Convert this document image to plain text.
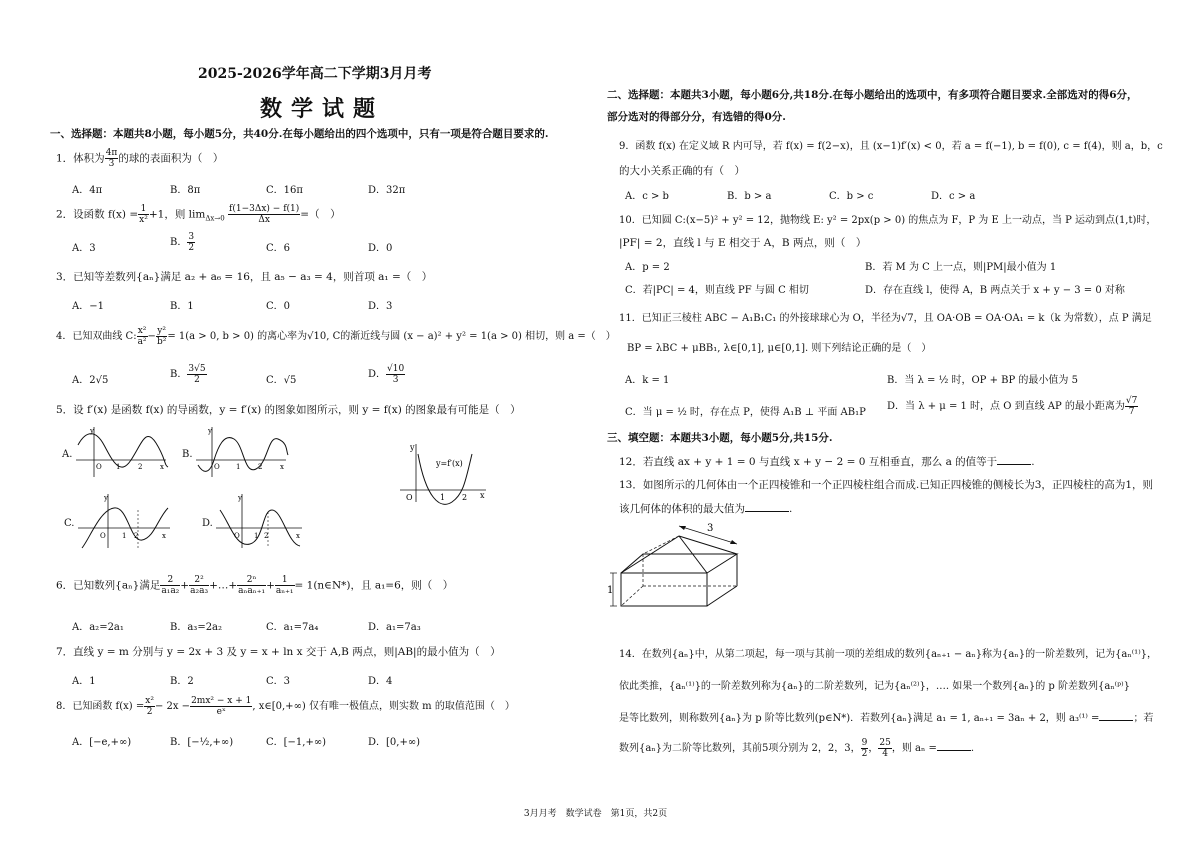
2025-2026学年高二下学期3月月考
数学试题
一、选择题：本题共8小题，每小题5分，共40分.在每小题给出的四个选项中，只有一项是符合题目要求的.
1．体积为 $\frac{4\pi}{3}$ 的球的表面积为（　）
A．4π	B．8π	C．16π	D．32π
2．设函数 $f(x) = \frac{1}{\text{x²}} +1$，则 $\lim_{\Delta x\to 0} \frac{f(1-3\Delta x) - f(1)}{\Delta x}$ =（　）
A．3
B． $\frac{3}{2}$	C．6	D．0
3．已知等差数列{aₙ}满足 a₂ + a₆ = 16，且 a₅ − a₃ = 4，则首项 a₁ =（　）
A．−1	B．1	C．0	D．3
4．已知双曲线 C: $\frac{\text{x²}}{\text{a²}} - \frac{\text{y²}}{\text{b²}} = 1(a > 0$, b > 0) 的离心率为√10, C的渐近线与圆 (x − a)² + y² = 1(a > 0) 相切，则 a =（　）
A．2√5
B． $\frac{3√5}{2}$	C．√5
D． $\frac{√10}{3}$
5．设 f′(x) 是函数 f(x) 的导函数，y = f′(x) 的图象如图所示，则 y = f(x) 的图象最有可能是（　）
A.
y
O 1	2	x
B.
y
O 1	2	x
y
y=f′(x)
O	1 2 x
C.
y
O 1 2	x
D.
y
O 1 2	x
6．已知数列{aₙ}满足 $\frac{2}{\text{a₁a₂}} + \frac{\text{2²}}{\text{a₂a₃}}$ +…+ $\frac{\text{2ⁿ}}{\text{aₙaₙ₊₁}} + \frac{1}{\text{aₙ₊₁}}$ = 1(n∈N*)，且 a₁=6，则（　）
A．a₂=2a₁	B．a₃=2a₂	C．a₁=7a₄	D．a₁=7a₃
7．直线 y = m 分别与 y = 2x + 3 及 y = x + ln x 交于 A,B 两点，则|AB|的最小值为（　）
A．1	B．2	C．3	D．4
8．已知函数 $f(x) = \frac{\text{x²}}{2} - 2x - \frac{\text{2mx² − x + 1}}{\text{eˣ}}$ , x∈[0,+∞) 仅有唯一极值点，则实数 m 的取值范围（　）
A．[−e,+∞)	B．[−½,+∞)	C．[−1,+∞)	D．[0,+∞)
二、选择题：本题共3小题，每小题6分,共18分.在每小题给出的选项中，有多项符合题目要求.全部选对的得6分，
部分选对的得部分分，有选错的得0分.
9．函数 f(x) 在定义域 R 内可导，若 f(x) = f(2−x)，且 (x−1)f′(x) < 0，若 a = f(−1), b = f(0), c = f(4)，则 a，b，c
的大小关系正确的有（　）
A．c > b	B．b > a	C．b > c	D．c > a
10．已知圆 C:(x−5)² + y² = 12，抛物线 E: y² = 2px(p > 0) 的焦点为 F，P 为 E 上一动点，当 P 运动到点(1,t)时，
|PF| = 2，直线 l 与 E 相交于 A，B 两点，则（　）
A．p = 2	B．若 M 为 C 上一点，则|PM|最小值为 1
C．若|PC| = 4，则直线 PF 与圆 C 相切	D．存在直线 l，使得 A，B 两点关于 x + y − 3 = 0 对称
11．已知正三棱柱 ABC − A₁B₁C₁ 的外接球球心为 O，半径为√7，且 OA·OB = OA·OA₁ = k（k 为常数），点 P 满足
BP = λBC + μBB₁, λ∈[0,1], μ∈[0,1]. 则下列结论正确的是（　）
A．k = 1	B．当 λ = ½ 时，OP + BP 的最小值为 5
C．当 μ = ½ 时，存在点 P，使得 A₁B ⊥ 平面 AB₁P
D．当 λ + μ = 1 时，点 O 到直线 AP 的最小距离为 $\frac{√7}{7}$
三、填空题：本题共3小题，每小题5分,共15分.
12．若直线 ax + y + 1 = 0 与直线 x + y − 2 = 0 互相垂直，那么 a 的值等于	.
13．如图所示的几何体由一个正四棱锥和一个正四棱柱组合而成.已知正四棱锥的侧棱长为3，正四棱柱的高为1，则
该几何体的体积的最大值为	.
3
1
14．在数列{aₙ}中，从第二项起，每一项与其前一项的差组成的数列{aₙ₊₁ − aₙ}称为{aₙ}的一阶差数列，记为{aₙ⁽¹⁾}，
依此类推，{aₙ⁽¹⁾}的一阶差数列称为{aₙ}的二阶差数列，记为{aₙ⁽²⁾}，…. 如果一个数列{aₙ}的 p 阶差数列{aₙ⁽ᵖ⁾}
是等比数列，则称数列{aₙ}为 p 阶等比数列(p∈N*)．若数列{aₙ}满足 a₁ = 1, aₙ₊₁ = 3aₙ + 2，则 a₃⁽¹⁾ =	；若
数列{aₙ}为二阶等比数列，其前5项分别为 2，2，3， $\frac{9}{2}$ ， $\frac{25}{4}$ ，则 aₙ =	.
3月月考　数学试卷　第1页，共2页
